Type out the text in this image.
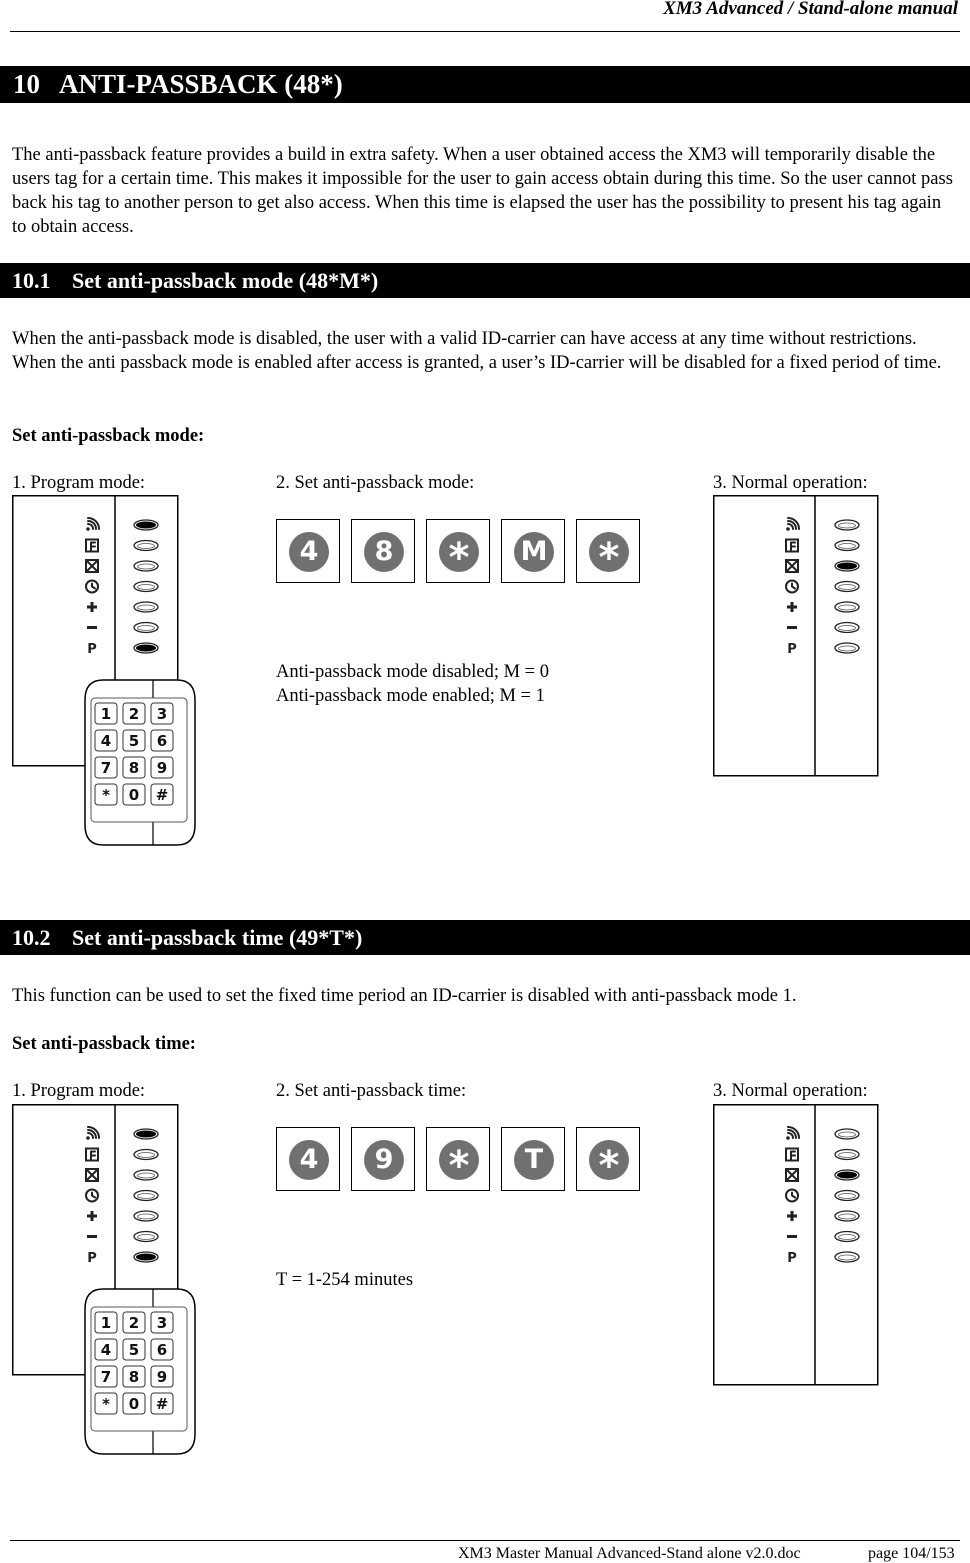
XM3 Advanced / Stand-alone manual
10 ANTI-PASSBACK (48*)
The anti-passback feature provides a build in extra safety. When a user obtained access the XM3 will temporarily disable the users tag for a certain time. This makes it impossible for the user to gain access obtain during this time. So the user cannot pass back his tag to another person to get also access. When this time is elapsed the user has the possibility to present his tag again to obtain access.
10.1 Set anti-passback mode (48*M*)
When the anti-passback mode is disabled, the user with a valid ID-carrier can have access at any time without restrictions. When the anti passback mode is enabled after access is granted, a user’s ID-carrier will be disabled for a fixed period of time.
Set anti-passback mode:
1. Program mode:	2. Set anti-passback mode:	3. Normal operation:
P
1 2 3
4 5 6
7 8 9
* 0 #
4	8 *	M *
Anti-passback mode disabled; M = 0
Anti-passback mode enabled; M = 1
P
10.2 Set anti-passback time (49*T*)
This function can be used to set the fixed time period an ID-carrier is disabled with anti-passback mode 1.
Set anti-passback time:
1. Program mode:	2. Set anti-passback time:	3. Normal operation:
P
1 2 3
4 5 6
7 8 9
* 0 #
4	9 *	T *
T = 1-254 minutes
P
XM3 Master Manual Advanced-Stand alone v2.0.doc	page 104/153
